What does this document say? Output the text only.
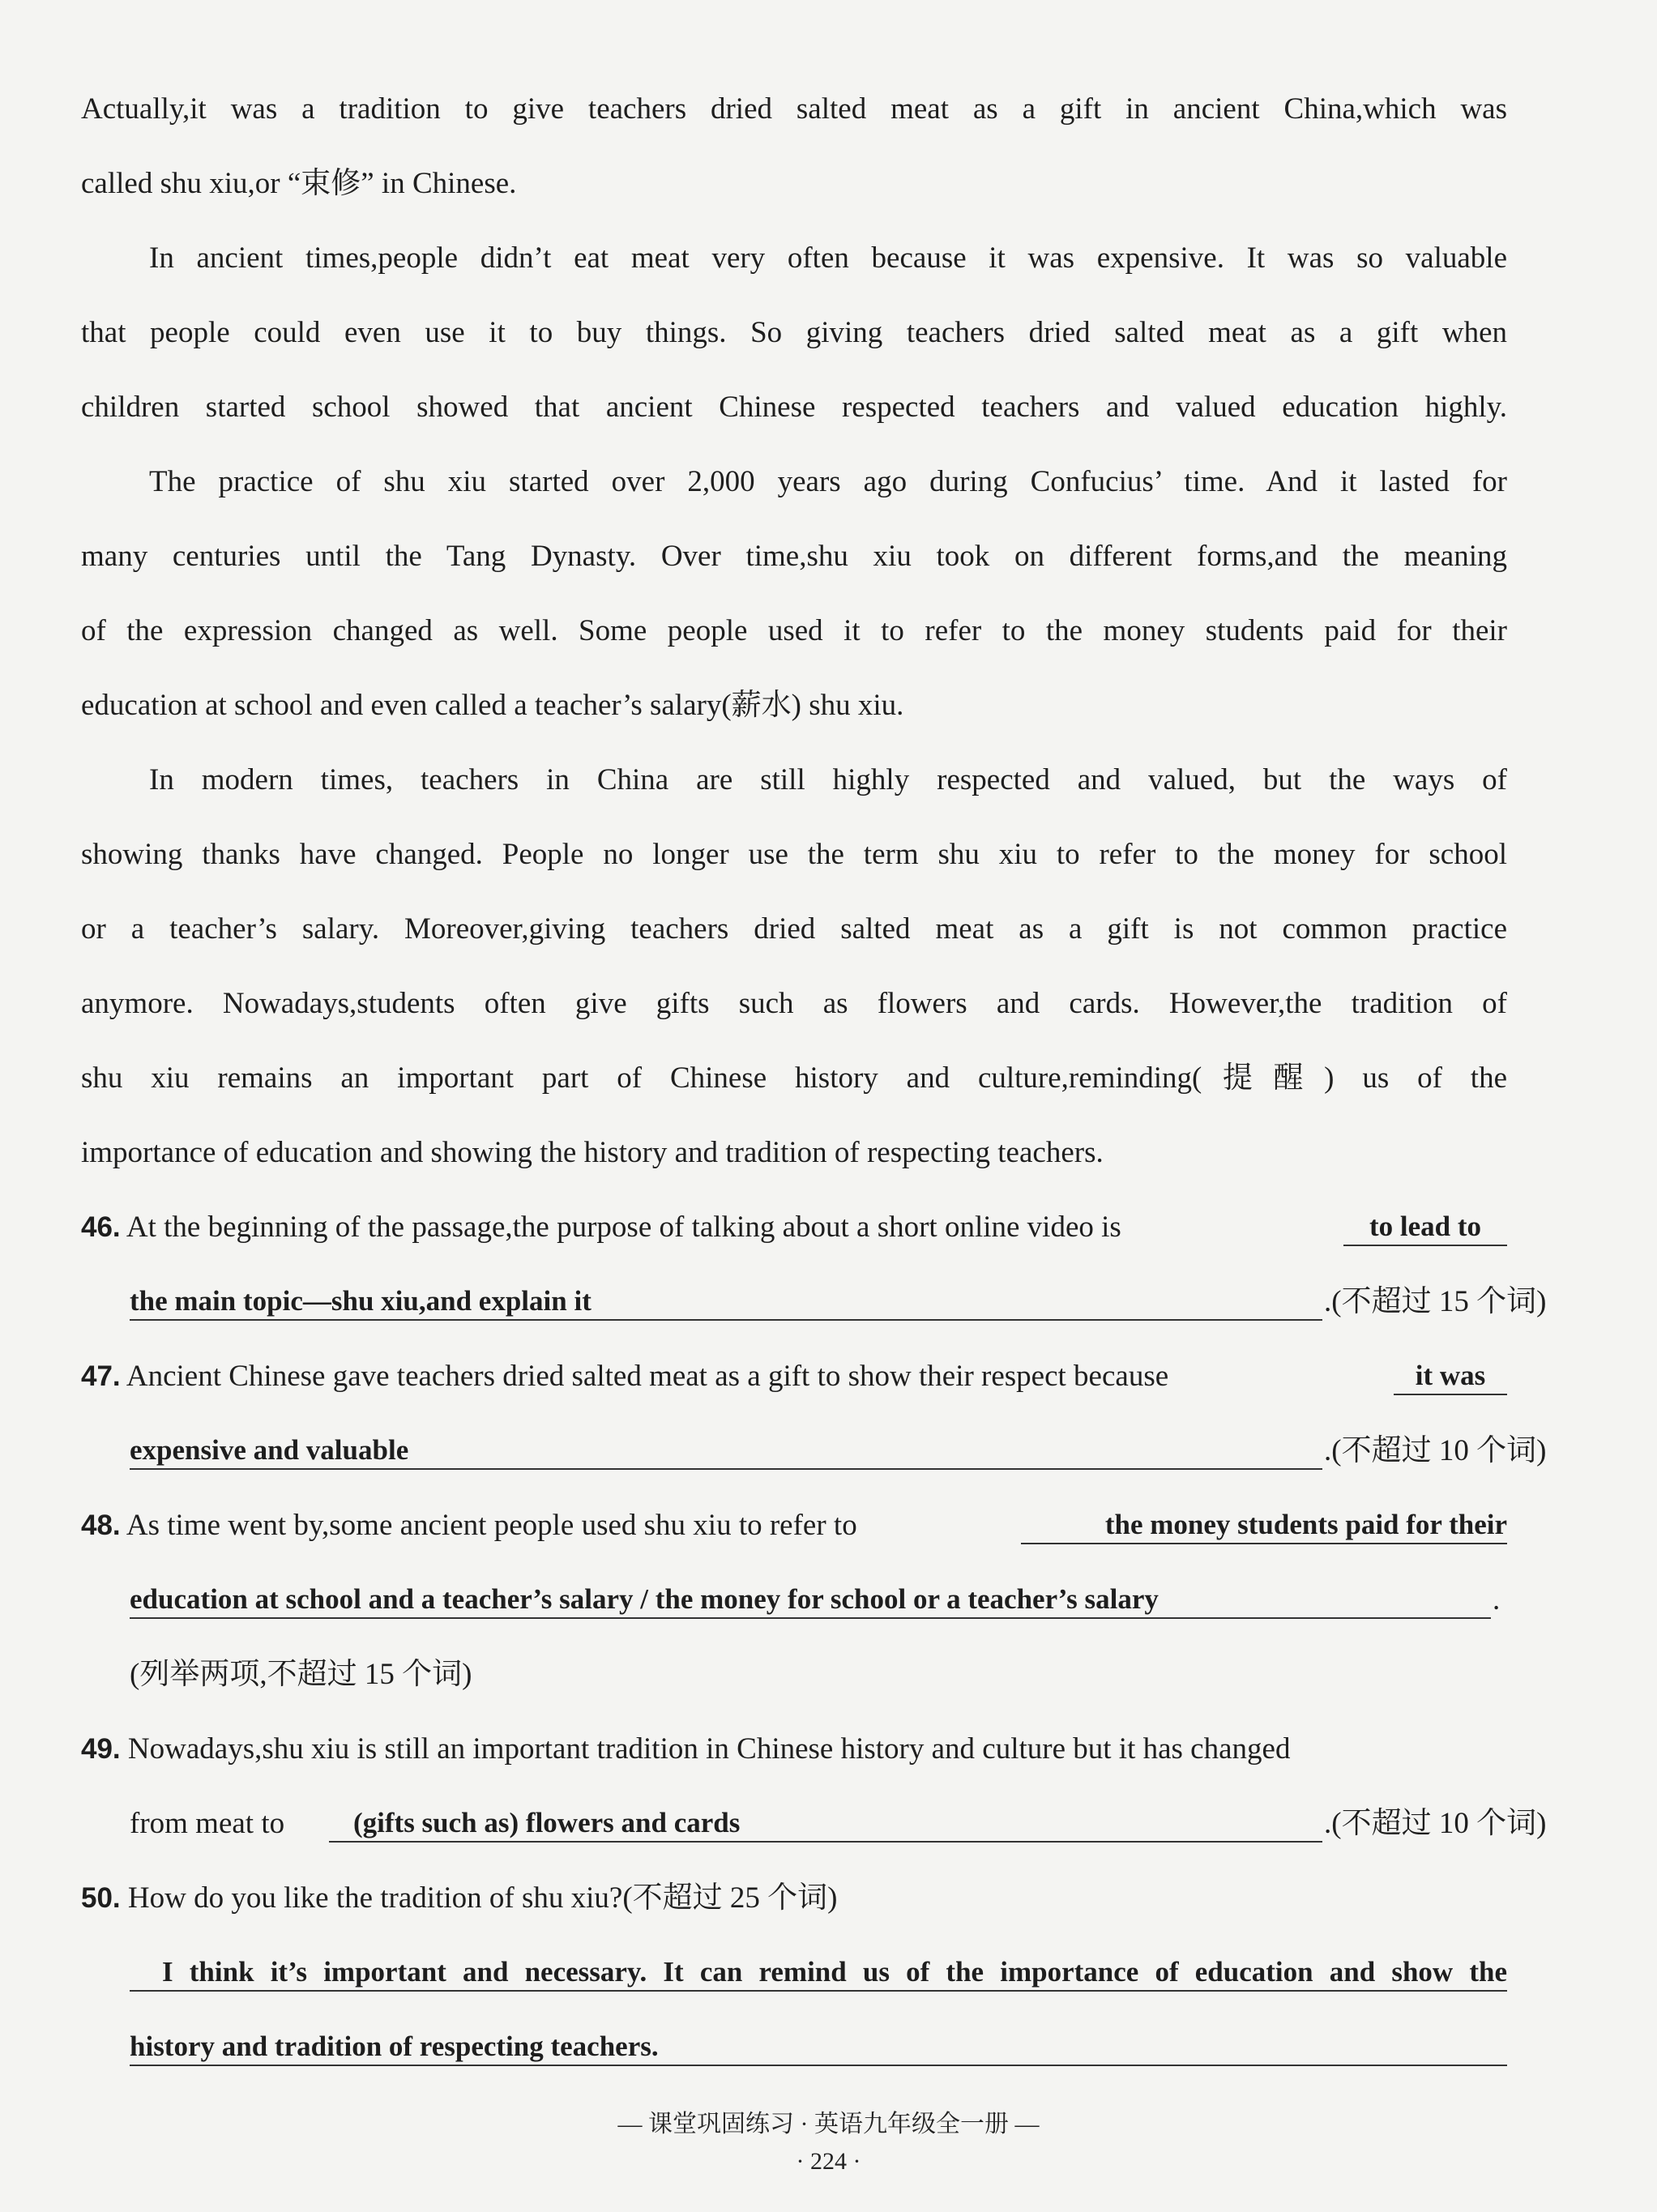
Actually,it was a tradition to give teachers dried salted meat as a gift in ancient China,which was
called shu xiu,or “束修” in Chinese.
In ancient times,people didn’t eat meat very often because it was expensive. It was so valuable
that people could even use it to buy things. So giving teachers dried salted meat as a gift when
children started school showed that ancient Chinese respected teachers and valued education highly.
The practice of shu xiu started over 2,000 years ago during Confucius’ time. And it lasted for
many centuries until the Tang Dynasty. Over time,shu xiu took on different forms,and the meaning
of the expression changed as well. Some people used it to refer to the money students paid for their
education at school and even called a teacher’s salary(薪水) shu xiu.
In modern times, teachers in China are still highly respected and valued, but the ways of
showing thanks have changed. People no longer use the term shu xiu to refer to the money for school
or a teacher’s salary. Moreover,giving teachers dried salted meat as a gift is not common practice
anymore. Nowadays,students often give gifts such as flowers and cards. However,the tradition of
shu xiu remains an important part of Chinese history and culture,reminding(提醒) us of the
importance of education and showing the history and tradition of respecting teachers.
46. At the beginning of the passage,the purpose of talking about a short online video is	to lead to
the main topic—shu xiu,and explain it	.(不超过 15 个词)
47. Ancient Chinese gave teachers dried salted meat as a gift to show their respect because	it was
expensive and valuable	.(不超过 10 个词)
48. As time went by,some ancient people used shu xiu to refer to	the money students paid for their
education at school and a teacher’s salary / the money for school or a teacher’s salary	.
(列举两项,不超过 15 个词)
49. Nowadays,shu xiu is still an important tradition in Chinese history and culture but it has changed
from meat to	(gifts such as) flowers and cards	.(不超过 10 个词)
50. How do you like the tradition of shu xiu?(不超过 25 个词)
I think it’s important and necessary. It can remind us of the importance of education and show the
history and tradition of respecting teachers.
— 课堂巩固练习 · 英语九年级全一册 —
· 224 ·
